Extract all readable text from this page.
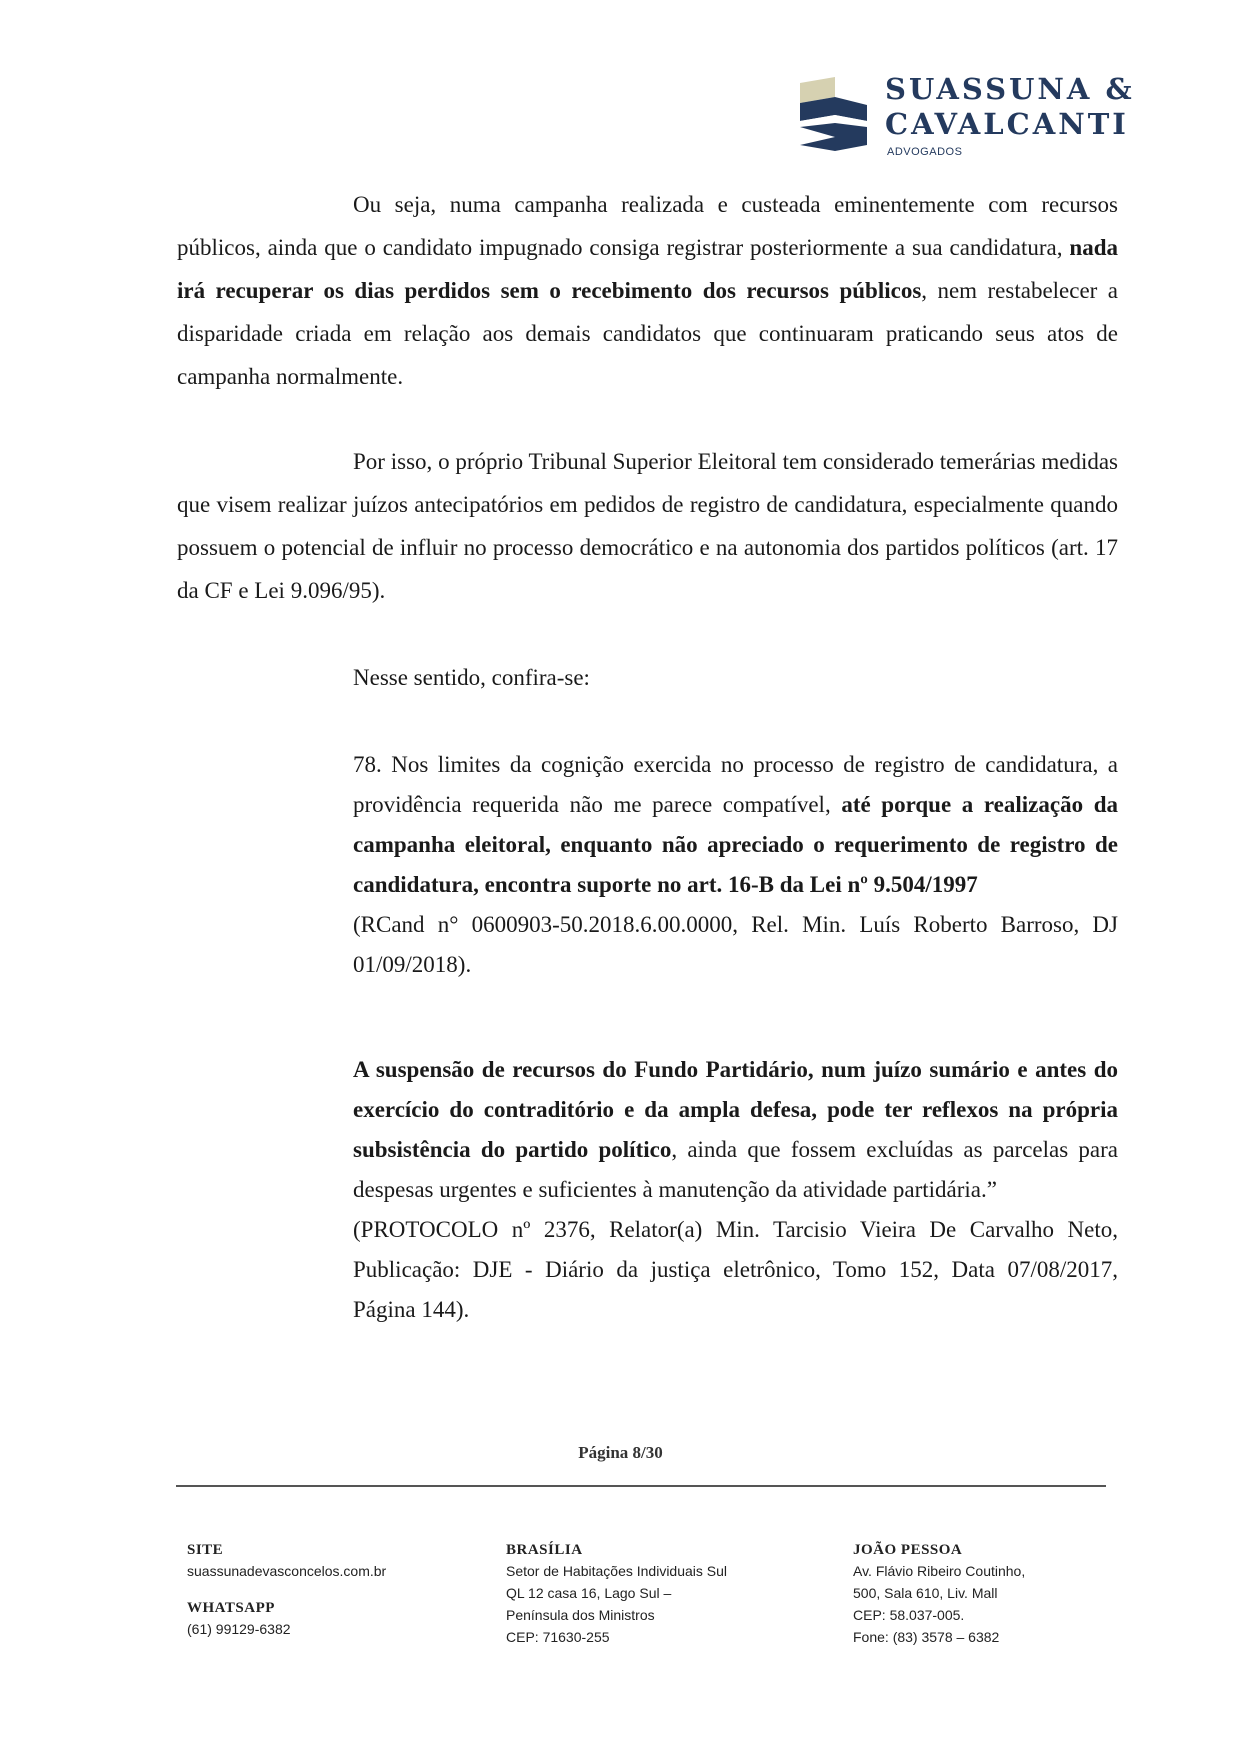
SUASSUNA &
CAVALCANTI
ADVOGADOS
Ou seja, numa campanha realizada e custeada eminentemente com recursos públicos, ainda que o candidato impugnado consiga registrar posteriormente a sua candidatura, nada irá recuperar os dias perdidos sem o recebimento dos recursos públicos, nem restabelecer a disparidade criada em relação aos demais candidatos que continuaram praticando seus atos de campanha normalmente.
Por isso, o próprio Tribunal Superior Eleitoral tem considerado temerárias medidas que visem realizar juízos antecipatórios em pedidos de registro de candidatura, especialmente quando possuem o potencial de influir no processo democrático e na autonomia dos partidos políticos (art. 17 da CF e Lei 9.096/95).
Nesse sentido, confira-se:
78. Nos limites da cognição exercida no processo de registro de candidatura, a providência requerida não me parece compatível, até porque a realização da campanha eleitoral, enquanto não apreciado o requerimento de registro de candidatura, encontra suporte no art. 16-B da Lei nº 9.504/1997
(RCand n° 0600903-50.2018.6.00.0000, Rel. Min. Luís Roberto Barroso, DJ 01/09/2018).
A suspensão de recursos do Fundo Partidário, num juízo sumário e antes do exercício do contraditório e da ampla defesa, pode ter reflexos na própria subsistência do partido político, ainda que fossem excluídas as parcelas para despesas urgentes e suficientes à manutenção da atividade partidária.”
(PROTOCOLO nº 2376, Relator(a) Min. Tarcisio Vieira De Carvalho Neto, Publicação: DJE - Diário da justiça eletrônico, Tomo 152, Data 07/08/2017, Página 144).
Página 8/30
SITE
suassunadevasconcelos.com.br
WHATSAPP
(61) 99129-6382
BRASÍLIA
Setor de Habitações Individuais Sul
QL 12 casa 16, Lago Sul –
Península dos Ministros
CEP: 71630-255
JOÃO PESSOA
Av. Flávio Ribeiro Coutinho,
500, Sala 610, Liv. Mall
CEP: 58.037-005.
Fone: (83) 3578 – 6382
